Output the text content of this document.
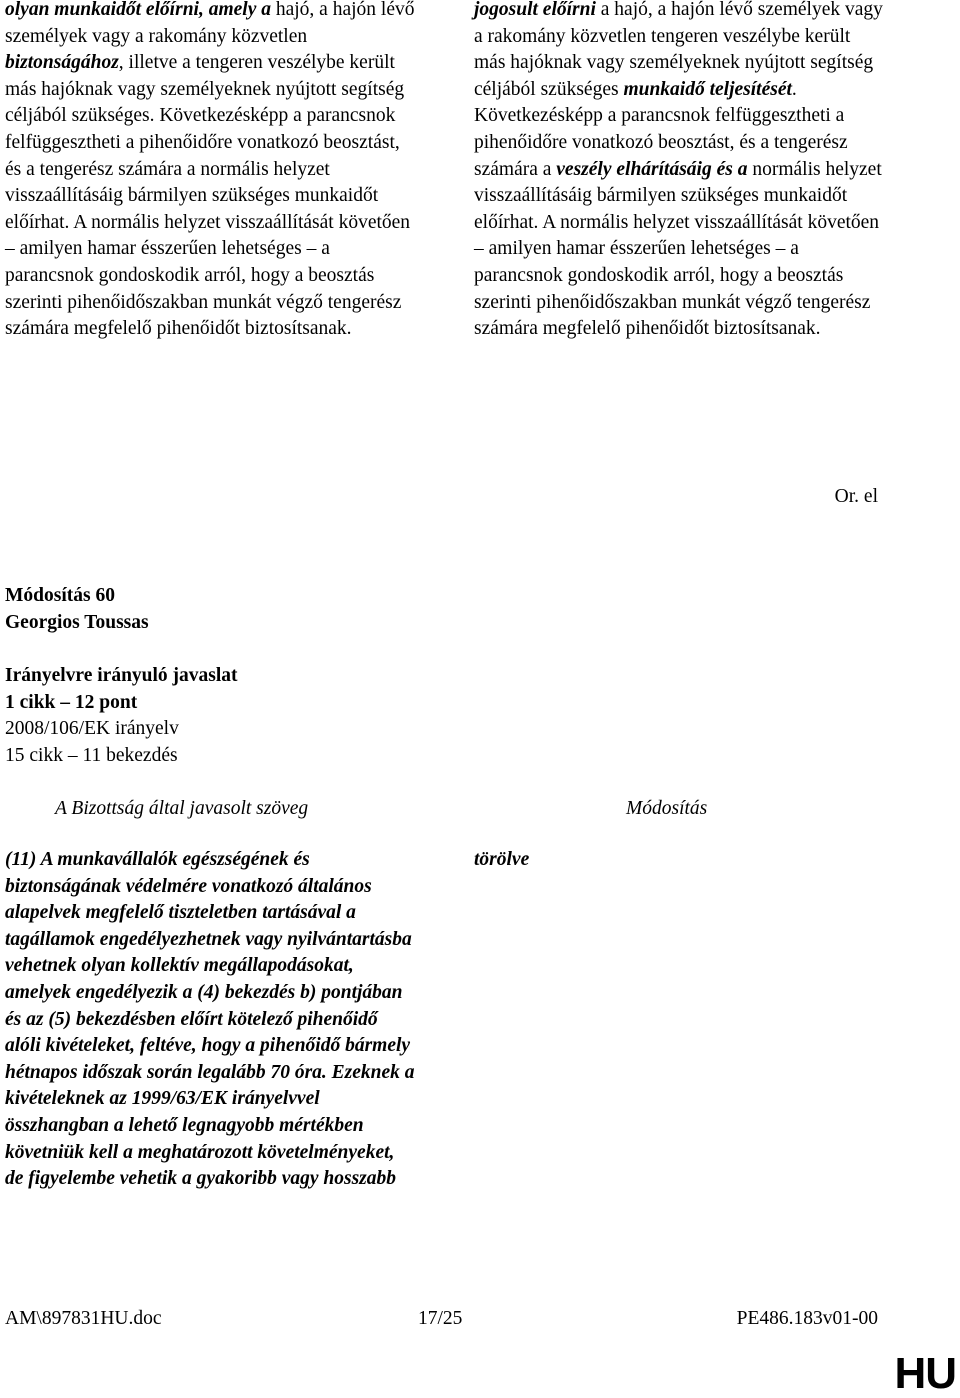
olyan munkaidőt előírni, amely a hajó, a hajón lévő személyek vagy a rakomány közvetlen biztonságához, illetve a tengeren veszélybe került más hajóknak vagy személyeknek nyújtott segítség céljából szükséges. Következésképp a parancsnok felfüggesztheti a pihenőidőre vonatkozó beosztást, és a tengerész számára a normális helyzet visszaállításáig bármilyen szükséges munkaidőt előírhat. A normális helyzet visszaállítását követően – amilyen hamar ésszerűen lehetséges – a parancsnok gondoskodik arról, hogy a beosztás szerinti pihenőidőszakban munkát végző tengerész számára megfelelő pihenőidőt biztosítsanak.
jogosult előírni a hajó, a hajón lévő személyek vagy a rakomány közvetlen tengeren veszélybe került más hajóknak vagy személyeknek nyújtott segítség céljából szükséges munkaidő teljesítését. Következésképp a parancsnok felfüggesztheti a pihenőidőre vonatkozó beosztást, és a tengerész számára a veszély elhárításáig és a normális helyzet visszaállításáig bármilyen szükséges munkaidőt előírhat. A normális helyzet visszaállítását követően – amilyen hamar ésszerűen lehetséges – a parancsnok gondoskodik arról, hogy a beosztás szerinti pihenőidőszakban munkát végző tengerész számára megfelelő pihenőidőt biztosítsanak.

Or. el

Módosítás 60

Georgios Toussas

Irányelvre irányuló javaslat

1 cikk – 12 pont

2008/106/EK irányelv

15 cikk – 11 bekezdés

A Bizottság által javasolt szöveg	Módosítás

(11) A munkavállalók egészségének és biztonságának védelmére vonatkozó általános alapelvek megfelelő tiszteletben tartásával a tagállamok engedélyezhetnek vagy nyilvántartásba vehetnek olyan kollektív megállapodásokat, amelyek engedélyezik a (4) bekezdés b) pontjában és az (5) bekezdésben előírt kötelező pihenőidő alóli kivételeket, feltéve, hogy a pihenőidő bármely hétnapos időszak során legalább 70 óra. Ezeknek a kivételeknek az 1999/63/EK irányelvvel összhangban a lehető legnagyobb mértékben követniük kell a meghatározott követelményeket, de figyelembe vehetik a gyakoribb vagy hosszabb
törölve

AM\897831HU.doc	17/25	PE486.183v01-00

HU
